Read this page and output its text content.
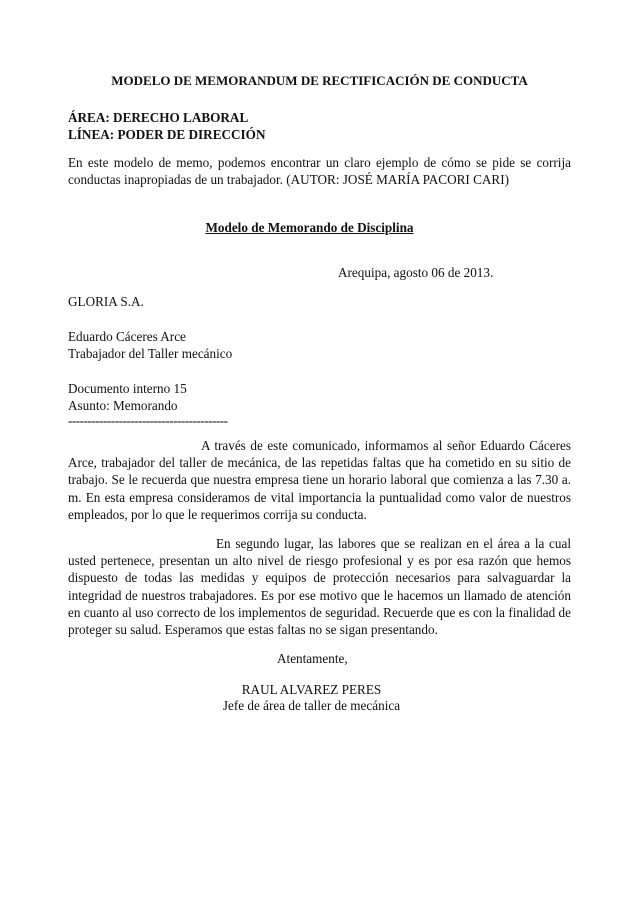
MODELO DE MEMORANDUM DE RECTIFICACIÓN DE CONDUCTA
ÁREA: DERECHO LABORAL
LÍNEA: PODER DE DIRECCIÓN
En este modelo de memo, podemos encontrar un claro ejemplo de cómo se pide se corrija conductas inapropiadas de un trabajador. (AUTOR: JOSÉ MARÍA PACORI CARI)
Modelo de Memorando de Disciplina
Arequipa, agosto 06 de 2013.
GLORIA S.A.
Eduardo Cáceres Arce
Trabajador del Taller mecánico
Documento interno 15
Asunto: Memorando
-----------------------------------------
A través de este comunicado, informamos al señor Eduardo Cáceres Arce, trabajador del taller de mecánica, de las repetidas faltas que ha cometido en su sitio de trabajo. Se le recuerda que nuestra empresa tiene un horario laboral que comienza a las 7.30 a. m. En esta empresa consideramos de vital importancia la puntualidad como valor de nuestros empleados, por lo que le requerimos corrija su conducta.
En segundo lugar, las labores que se realizan en el área a la cual usted pertenece, presentan un alto nivel de riesgo profesional y es por esa razón que hemos dispuesto de todas las medidas y equipos de protección necesarios para salvaguardar la integridad de nuestros trabajadores. Es por ese motivo que le hacemos un llamado de atención en cuanto al uso correcto de los implementos de seguridad. Recuerde que es con la finalidad de proteger su salud. Esperamos que estas faltas no se sigan presentando.
Atentamente,
RAUL ALVAREZ PERES
Jefe de área de taller de mecánica
